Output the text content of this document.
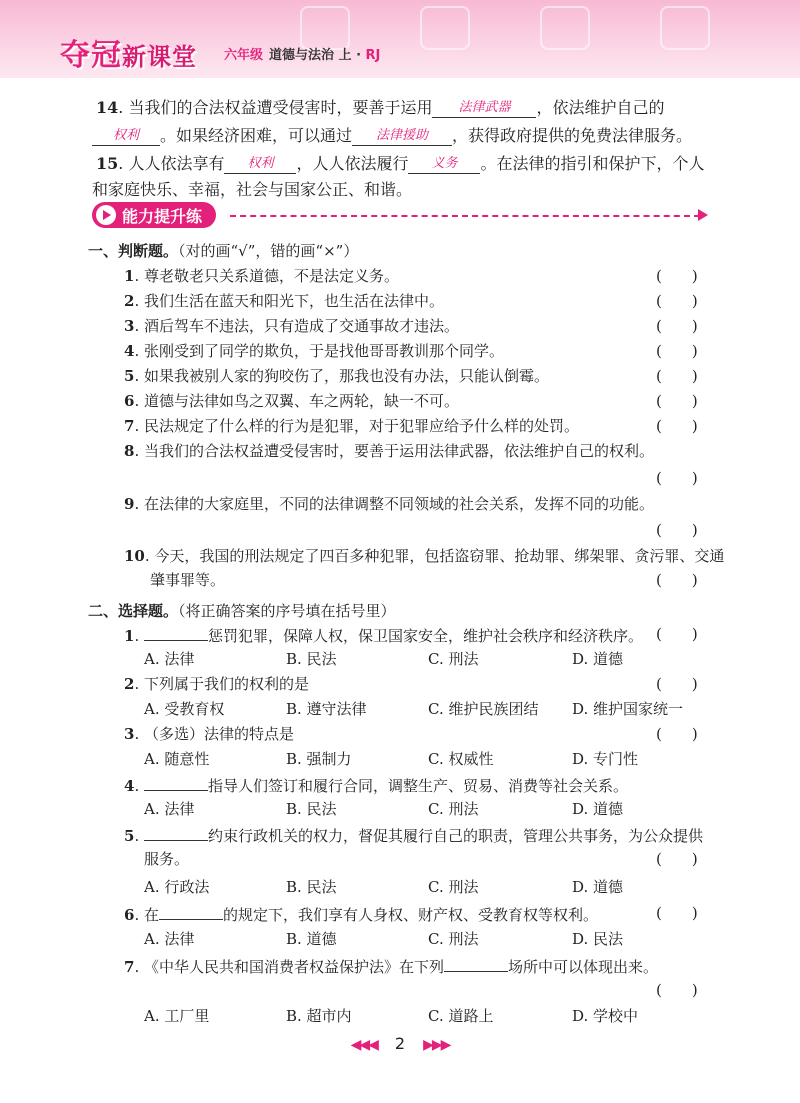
夺冠新课堂 六年级 道德与法治 上 · RJ
14. 当我们的合法权益遭受侵害时，要善于运用 法律武器 ，依法维护自己的
权利 。如果经济困难，可以通过 法律援助 ，获得政府提供的免费法律服务。
15. 人人依法享有 权利 ，人人依法履行 义务 。在法律的指引和保护下，个人
和家庭快乐、幸福，社会与国家公正、和谐。
能力提升练
一、判断题。（对的画“√”，错的画“×”）
1. 尊老敬老只关系道德，不是法定义务。	(　　)
2. 我们生活在蓝天和阳光下，也生活在法律中。	(　　)
3. 酒后驾车不违法，只有造成了交通事故才违法。	(　　)
4. 张刚受到了同学的欺负，于是找他哥哥教训那个同学。	(　　)
5. 如果我被别人家的狗咬伤了，那我也没有办法，只能认倒霉。	(　　)
6. 道德与法律如鸟之双翼、车之两轮，缺一不可。	(　　)
7. 民法规定了什么样的行为是犯罪，对于犯罪应给予什么样的处罚。	(　　)
8. 当我们的合法权益遭受侵害时，要善于运用法律武器，依法维护自己的权利。
(　　)
9. 在法律的大家庭里，不同的法律调整不同领域的社会关系，发挥不同的功能。
(　　)
10. 今天，我国的刑法规定了四百多种犯罪，包括盗窃罪、抢劫罪、绑架罪、贪污罪、交通
肇事罪等。	(　　)
二、选择题。（将正确答案的序号填在括号里）
1.	惩罚犯罪，保障人权，保卫国家安全，维护社会秩序和经济秩序。 (　　)
A. 法律	B. 民法	C. 刑法	D. 道德
2. 下列属于我们的权利的是	(　　)
A. 受教育权	B. 遵守法律	C. 维护民族团结 D. 维护国家统一
3. （多选）法律的特点是	(　　)
A. 随意性	B. 强制力	C. 权威性	D. 专门性
4.	指导人们签订和履行合同，调整生产、贸易、消费等社会关系。
A. 法律	B. 民法	C. 刑法	D. 道德
5.	约束行政机关的权力，督促其履行自己的职责，管理公共事务，为公众提供
服务。	(　　)
A. 行政法	B. 民法	C. 刑法	D. 道德
6. 在	的规定下，我们享有人身权、财产权、受教育权等权利。	(　　)
A. 法律	B. 道德	C. 刑法	D. 民法
7. 《中华人民共和国消费者权益保护法》在下列	场所中可以体现出来。
(　　)
A. 工厂里	B. 超市内	C. 道路上	D. 学校中
◀◀◀ 2 ▶▶▶
